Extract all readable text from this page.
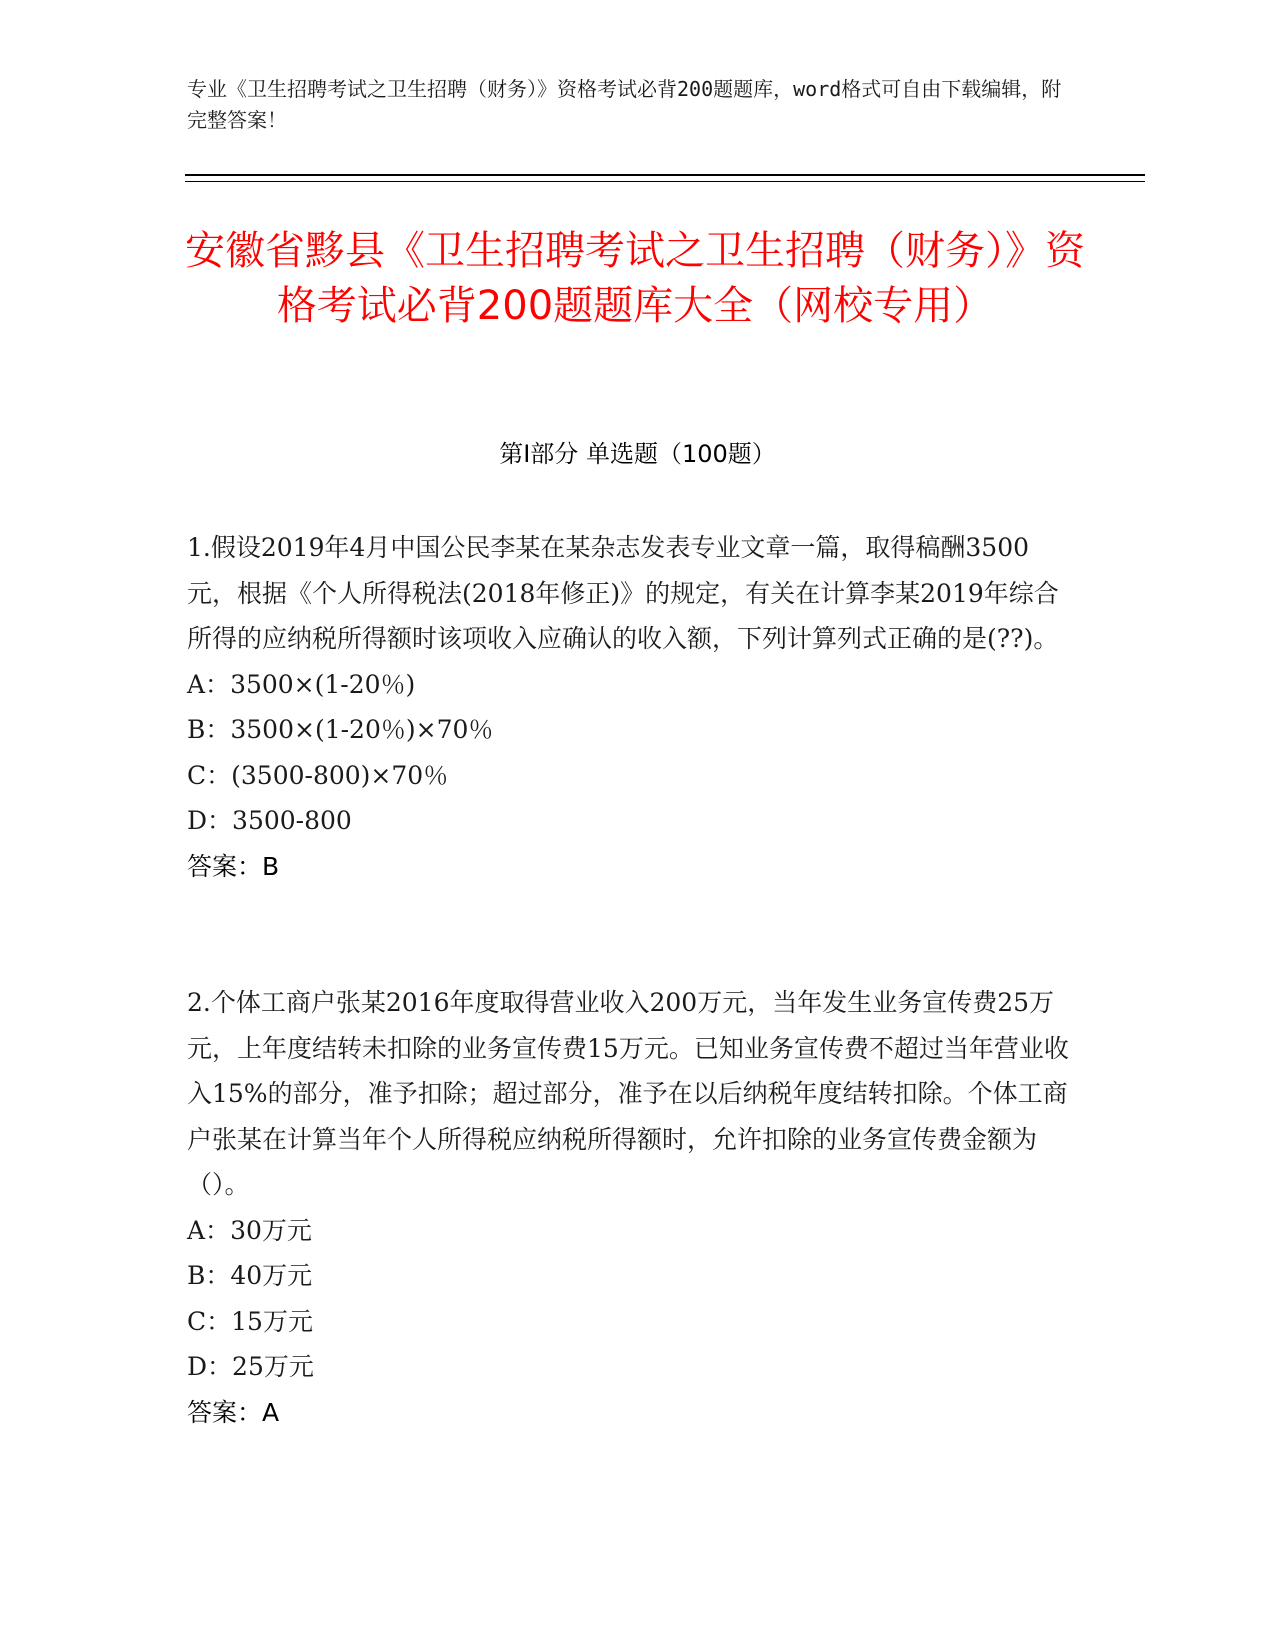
专业《卫生招聘考试之卫生招聘（财务）》资格考试必背200题题库，word格式可自由下载编辑，附完整答案！

安徽省黟县《卫生招聘考试之卫生招聘（财务）》资格考试必背200题题库大全（网校专用）
第I部分 单选题（100题）

1.假设2019年4月中国公民李某在某杂志发表专业文章一篇，取得稿酬3500元，根据《个人所得税法(2018年修正)》的规定，有关在计算李某2019年综合所得的应纳税所得额时该项收入应确认的收入额，下列计算列式正确的是(??)。

A：3500×(1-20％)

B：3500×(1-20％)×70％

C：(3500-800)×70％

D：3500-800

答案：B

2.个体工商户张某2016年度取得营业收入200万元，当年发生业务宣传费25万元，上年度结转未扣除的业务宣传费15万元。已知业务宣传费不超过当年营业收入15%的部分，准予扣除；超过部分，准予在以后纳税年度结转扣除。个体工商户张某在计算当年个人所得税应纳税所得额时，允许扣除的业务宣传费金额为（）。

A：30万元

B：40万元

C：15万元

D：25万元

答案：A
